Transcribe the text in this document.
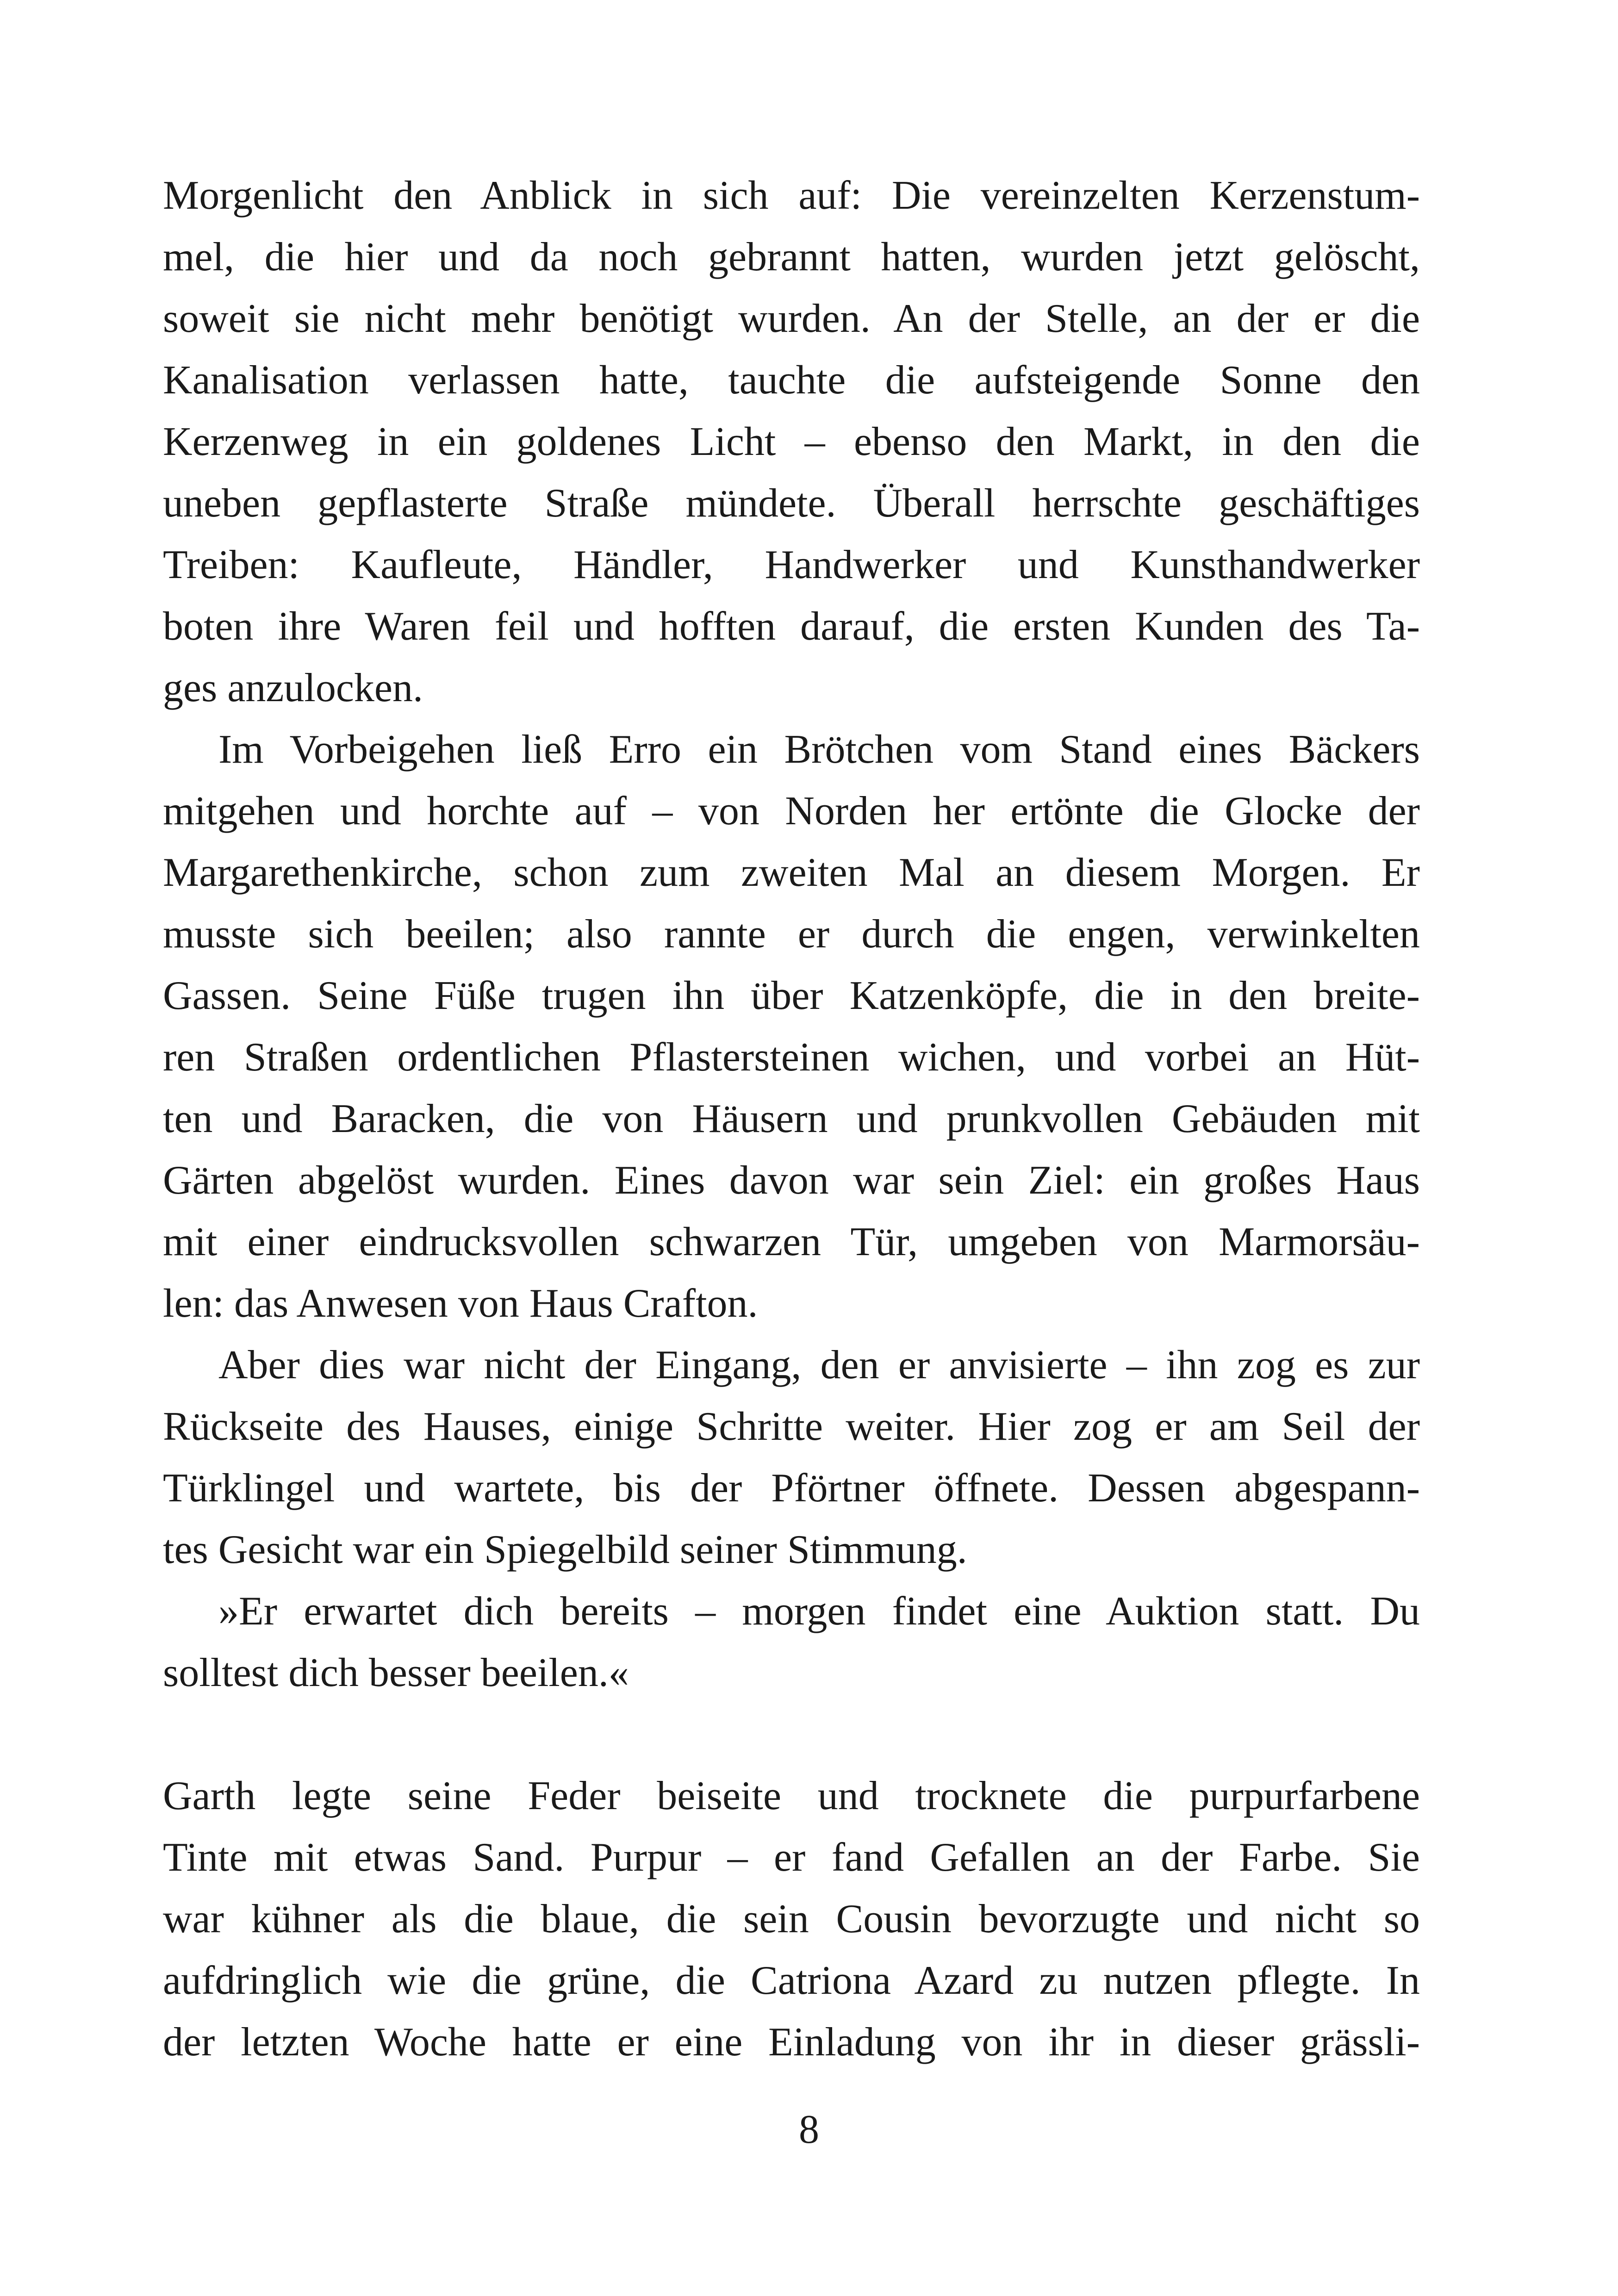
Morgenlicht den Anblick in sich auf: Die vereinzelten Kerzenstum-
mel, die hier und da noch gebrannt hatten, wurden jetzt gelöscht,
soweit sie nicht mehr benötigt wurden. An der Stelle, an der er die
Kanalisation verlassen hatte, tauchte die aufsteigende Sonne den
Kerzenweg in ein goldenes Licht – ebenso den Markt, in den die
uneben gepflasterte Straße mündete. Überall herrschte geschäftiges
Treiben: Kaufleute, Händler, Handwerker und Kunsthandwerker
boten ihre Waren feil und hofften darauf, die ersten Kunden des Ta-
ges anzulocken.
Im Vorbeigehen ließ Erro ein Brötchen vom Stand eines Bäckers
mitgehen und horchte auf – von Norden her ertönte die Glocke der
Margarethenkirche, schon zum zweiten Mal an diesem Morgen. Er
musste sich beeilen; also rannte er durch die engen, verwinkelten
Gassen. Seine Füße trugen ihn über Katzenköpfe, die in den breite-
ren Straßen ordentlichen Pflastersteinen wichen, und vorbei an Hüt-
ten und Baracken, die von Häusern und prunkvollen Gebäuden mit
Gärten abgelöst wurden. Eines davon war sein Ziel: ein großes Haus
mit einer eindrucksvollen schwarzen Tür, umgeben von Marmorsäu-
len: das Anwesen von Haus Crafton.
Aber dies war nicht der Eingang, den er anvisierte – ihn zog es zur
Rückseite des Hauses, einige Schritte weiter. Hier zog er am Seil der
Türklingel und wartete, bis der Pförtner öffnete. Dessen abgespann-
tes Gesicht war ein Spiegelbild seiner Stimmung.
»Er erwartet dich bereits – morgen findet eine Auktion statt. Du
solltest dich besser beeilen.«
Garth legte seine Feder beiseite und trocknete die purpurfarbene
Tinte mit etwas Sand. Purpur – er fand Gefallen an der Farbe. Sie
war kühner als die blaue, die sein Cousin bevorzugte und nicht so
aufdringlich wie die grüne, die Catriona Azard zu nutzen pflegte. In
der letzten Woche hatte er eine Einladung von ihr in dieser grässli-
8
